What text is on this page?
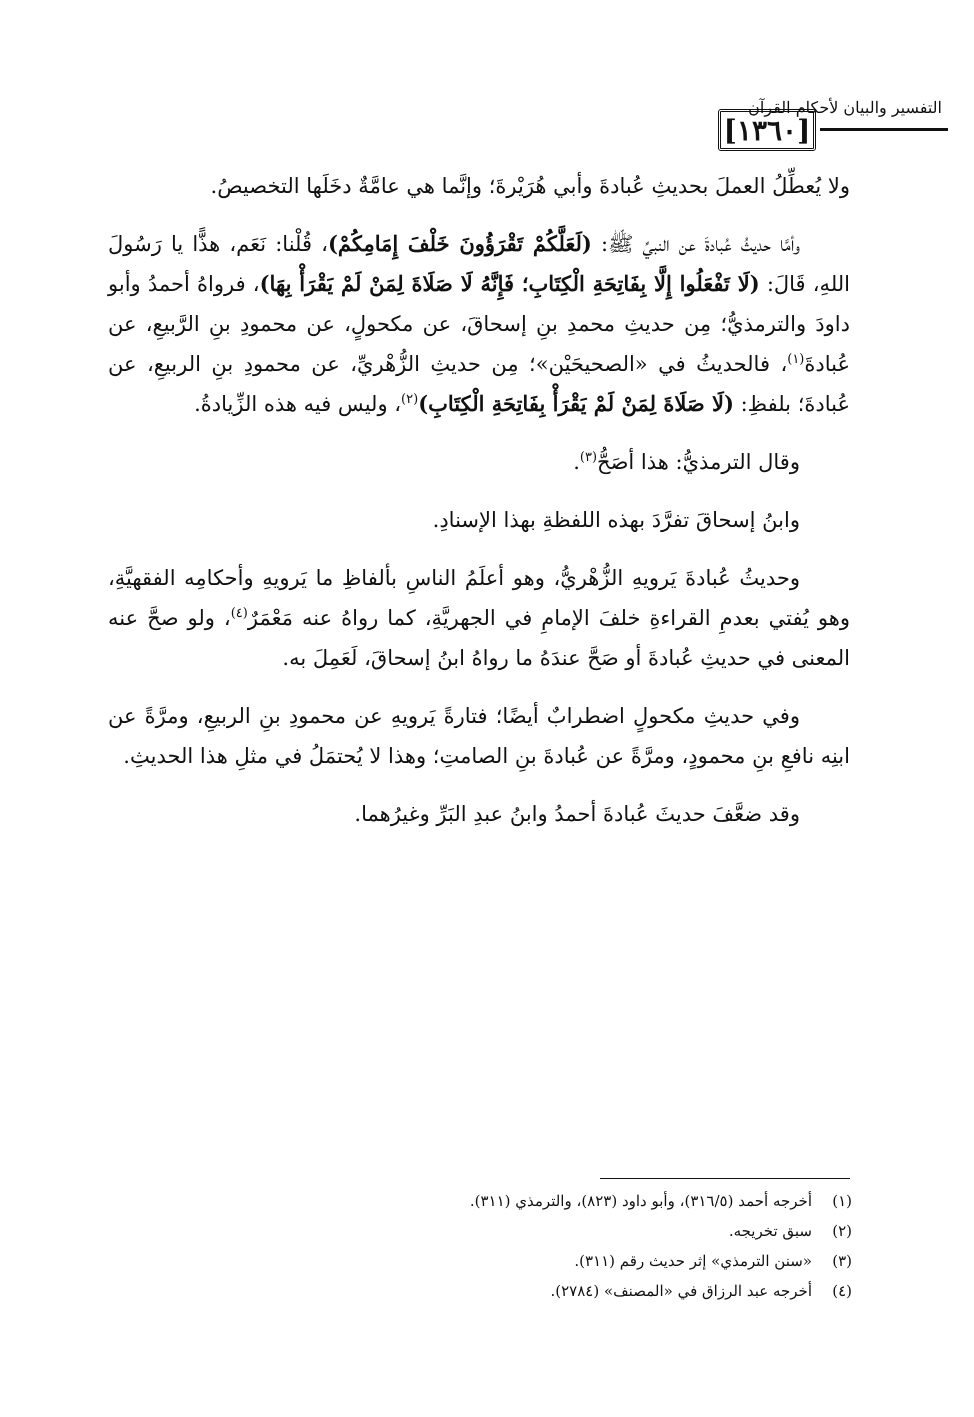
[١٣٦٠]
التفسير والبيان لأحكام القرآن

ولا يُعطِّلُ العملَ بحديثِ عُبادةَ وأبي هُرَيْرةَ؛ وإنَّما هي عامَّةٌ دخَلَها التخصيصُ.

وأمَّا حديثُ عُبادةَ عن النبيِّ ﷺ: (لَعَلَّكُمْ تَقْرَؤُونَ خَلْفَ إِمَامِكُمْ)، قُلْنا: نَعَم، هذًّا يا رَسُولَ اللهِ، قَالَ: (لَا تَفْعَلُوا إِلَّا بِفَاتِحَةِ الْكِتَابِ؛ فَإِنَّهُ لَا صَلَاةَ لِمَنْ لَمْ يَقْرَأْ بِهَا)، فرواهُ أحمدُ وأبو داودَ والترمذيُّ؛ مِن حديثِ محمدِ بنِ إسحاقَ، عن مكحولٍ، عن محمودِ بنِ الرَّبيعِ، عن عُبادةَ$^{(١)}$، فالحديثُ في «الصحيحَيْن»؛ مِن حديثِ الزُّهْريِّ، عن محمودِ بنِ الربيعِ، عن عُبادةَ؛ بلفظِ: (لَا صَلَاةَ لِمَنْ لَمْ يَقْرَأْ بِفَاتِحَةِ الْكِتَابِ)$^{(٢)}$، وليس فيه هذه الزِّيادةُ.

وقال الترمذيُّ: هذا أصَحُّ$^{(٣)}$.

وابنُ إسحاقَ تفرَّدَ بهذه اللفظةِ بهذا الإسنادِ.

وحديثُ عُبادةَ يَرويهِ الزُّهْريُّ، وهو أعلَمُ الناسِ بألفاظِ ما يَرويهِ وأحكامِه الفقهيَّةِ، وهو يُفتي بعدمِ القراءةِ خلفَ الإمامِ في الجهريَّةِ، كما رواهُ عنه مَعْمَرٌ$^{(٤)}$، ولو صحَّ عنه المعنى في حديثِ عُبادةَ أو صَحَّ عندَهُ ما رواهُ ابنُ إسحاقَ، لَعَمِلَ به.

وفي حديثِ مكحولٍ اضطرابٌ أيضًا؛ فتارةً يَرويهِ عن محمودِ بنِ الربيعِ، ومرَّةً عن ابنِه نافعِ بنِ محمودٍ، ومرَّةً عن عُبادةَ بنِ الصامتِ؛ وهذا لا يُحتمَلُ في مثلِ هذا الحديثِ.

وقد ضعَّفَ حديثَ عُبادةَ أحمدُ وابنُ عبدِ البَرِّ وغيرُهما.

(١)
أخرجه أحمد (٣١٦/٥)، وأبو داود (٨٢٣)، والترمذي (٣١١).
(٢)
سبق تخريجه.
(٣)
«سنن الترمذي» إثر حديث رقم (٣١١).
(٤)
أخرجه عبد الرزاق في «المصنف» (٢٧٨٤).
